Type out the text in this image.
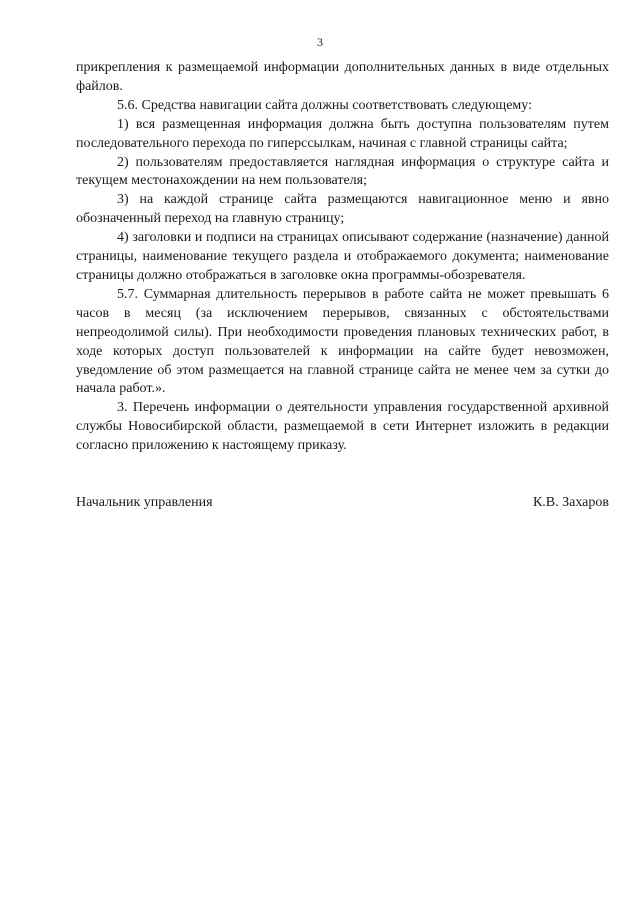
3

прикрепления к размещаемой информации дополнительных данных в виде отдельных файлов.

5.6. Средства навигации сайта должны соответствовать следующему:

1) вся размещенная информация должна быть доступна пользователям путем последовательного перехода по гиперссылкам, начиная с главной страницы сайта;

2) пользователям предоставляется наглядная информация о структуре сайта и текущем местонахождении на нем пользователя;

3) на каждой странице сайта размещаются навигационное меню и явно обозначенный переход на главную страницу;

4) заголовки и подписи на страницах описывают содержание (назначение) данной страницы, наименование текущего раздела и отображаемого документа; наименование страницы должно отображаться в заголовке окна программы-обозревателя.

5.7. Суммарная длительность перерывов в работе сайта не может превышать 6 часов в месяц (за исключением перерывов, связанных с обстоятельствами непреодолимой силы). При необходимости проведения плановых технических работ, в ходе которых доступ пользователей к информации на сайте будет невозможен, уведомление об этом размещается на главной странице сайта не менее чем за сутки до начала работ.».

3. Перечень информации о деятельности управления государственной архивной службы Новосибирской области, размещаемой в сети Интернет изложить в редакции согласно приложению к настоящему приказу.

Начальник управления	К.В. Захаров
